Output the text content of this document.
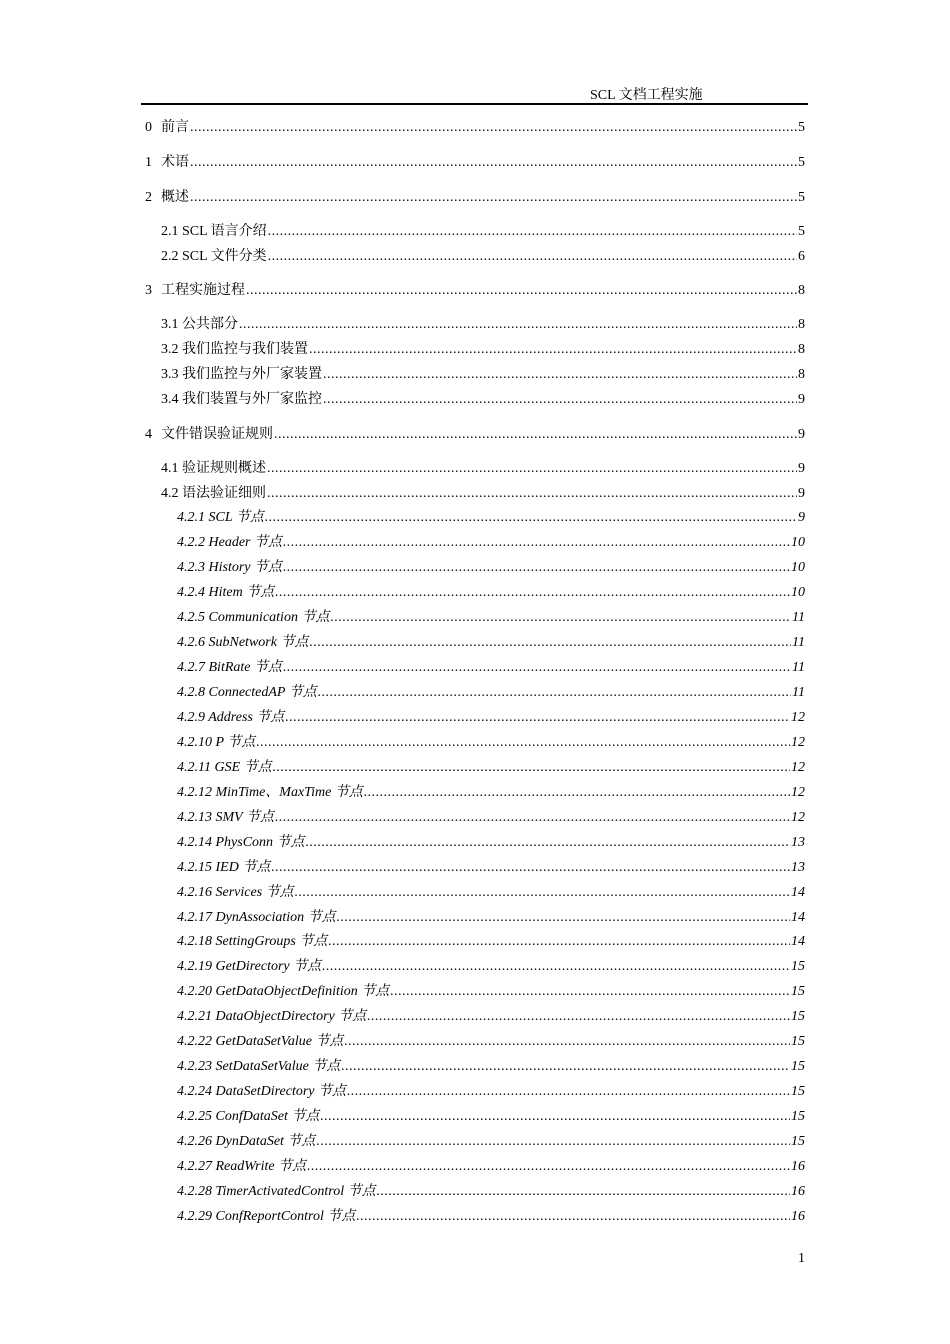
SCL 文档工程实施
0 前言 .....	5
1 术语 .....	5
2 概述 .....	5
2.1 SCL 语言介绍 .....	5
2.2 SCL 文件分类 .....	6
3 工程实施过程 .....	8
3.1 公共部分 .....	8
3.2 我们监控与我们装置 .....	8
3.3 我们监控与外厂家装置 .....	8
3.4 我们装置与外厂家监控 .....	9
4 文件错误验证规则 .....	9
4.1 验证规则概述 .....	9
4.2 语法验证细则 .....	9
4.2.1 SCL 节点 .....	9
4.2.2 Header 节点 .....	10
4.2.3 History 节点 .....	10
4.2.4 Hitem 节点 .....	10
4.2.5 Communication 节点 .....	11
4.2.6 SubNetwork 节点 .....	11
4.2.7 BitRate 节点 .....	11
4.2.8 ConnectedAP 节点 .....	11
4.2.9 Address 节点 .....	12
4.2.10 P 节点 .....	12
4.2.11 GSE 节点 .....	12
4.2.12 MinTime、MaxTime 节点 .....	12
4.2.13 SMV 节点 .....	12
4.2.14 PhysConn 节点 .....	13
4.2.15 IED 节点 .....	13
4.2.16 Services 节点 .....	14
4.2.17 DynAssociation 节点 .....	14
4.2.18 SettingGroups 节点 .....	14
4.2.19 GetDirectory 节点 .....	15
4.2.20 GetDataObjectDefinition 节点 .....	15
4.2.21 DataObjectDirectory 节点 .....	15
4.2.22 GetDataSetValue 节点 .....	15
4.2.23 SetDataSetValue 节点 .....	15
4.2.24 DataSetDirectory 节点 .....	15
4.2.25 ConfDataSet 节点 .....	15
4.2.26 DynDataSet 节点 .....	15
4.2.27 ReadWrite 节点 .....	16
4.2.28 TimerActivatedControl 节点 .....	16
4.2.29 ConfReportControl 节点 .....	16
1
